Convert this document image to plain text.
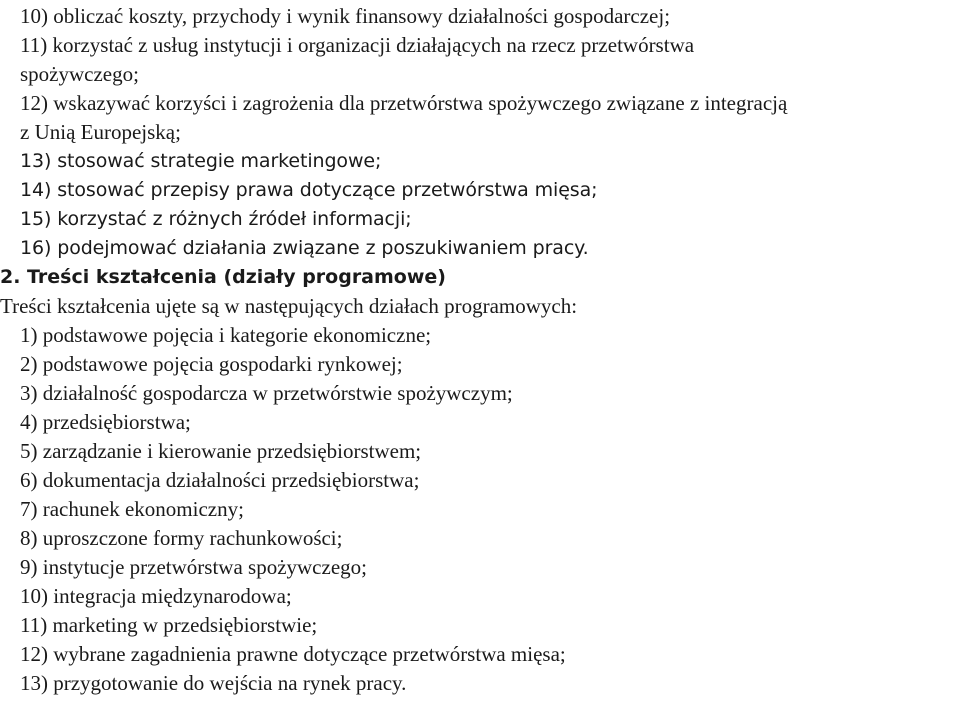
10) obliczać koszty, przychody i wynik finansowy działalności gospodarczej;
11) korzystać z usług instytucji i organizacji działających na rzecz przetwórstwa
spożywczego;
12) wskazywać korzyści i zagrożenia dla przetwórstwa spożywczego związane z integracją
z Unią Europejską;
13) stosować strategie marketingowe;
14) stosować przepisy prawa dotyczące przetwórstwa mięsa;
15) korzystać z różnych źródeł informacji;
16) podejmować działania związane z poszukiwaniem pracy.
2. Treści kształcenia (działy programowe)
Treści kształcenia ujęte są w następujących działach programowych:
1) podstawowe pojęcia i kategorie ekonomiczne;
2) podstawowe pojęcia gospodarki rynkowej;
3) działalność gospodarcza w przetwórstwie spożywczym;
4) przedsiębiorstwa;
5) zarządzanie i kierowanie przedsiębiorstwem;
6) dokumentacja działalności przedsiębiorstwa;
7) rachunek ekonomiczny;
8) uproszczone formy rachunkowości;
9) instytucje przetwórstwa spożywczego;
10) integracja międzynarodowa;
11) marketing w przedsiębiorstwie;
12) wybrane zagadnienia prawne dotyczące przetwórstwa mięsa;
13) przygotowanie do wejścia na rynek pracy.
